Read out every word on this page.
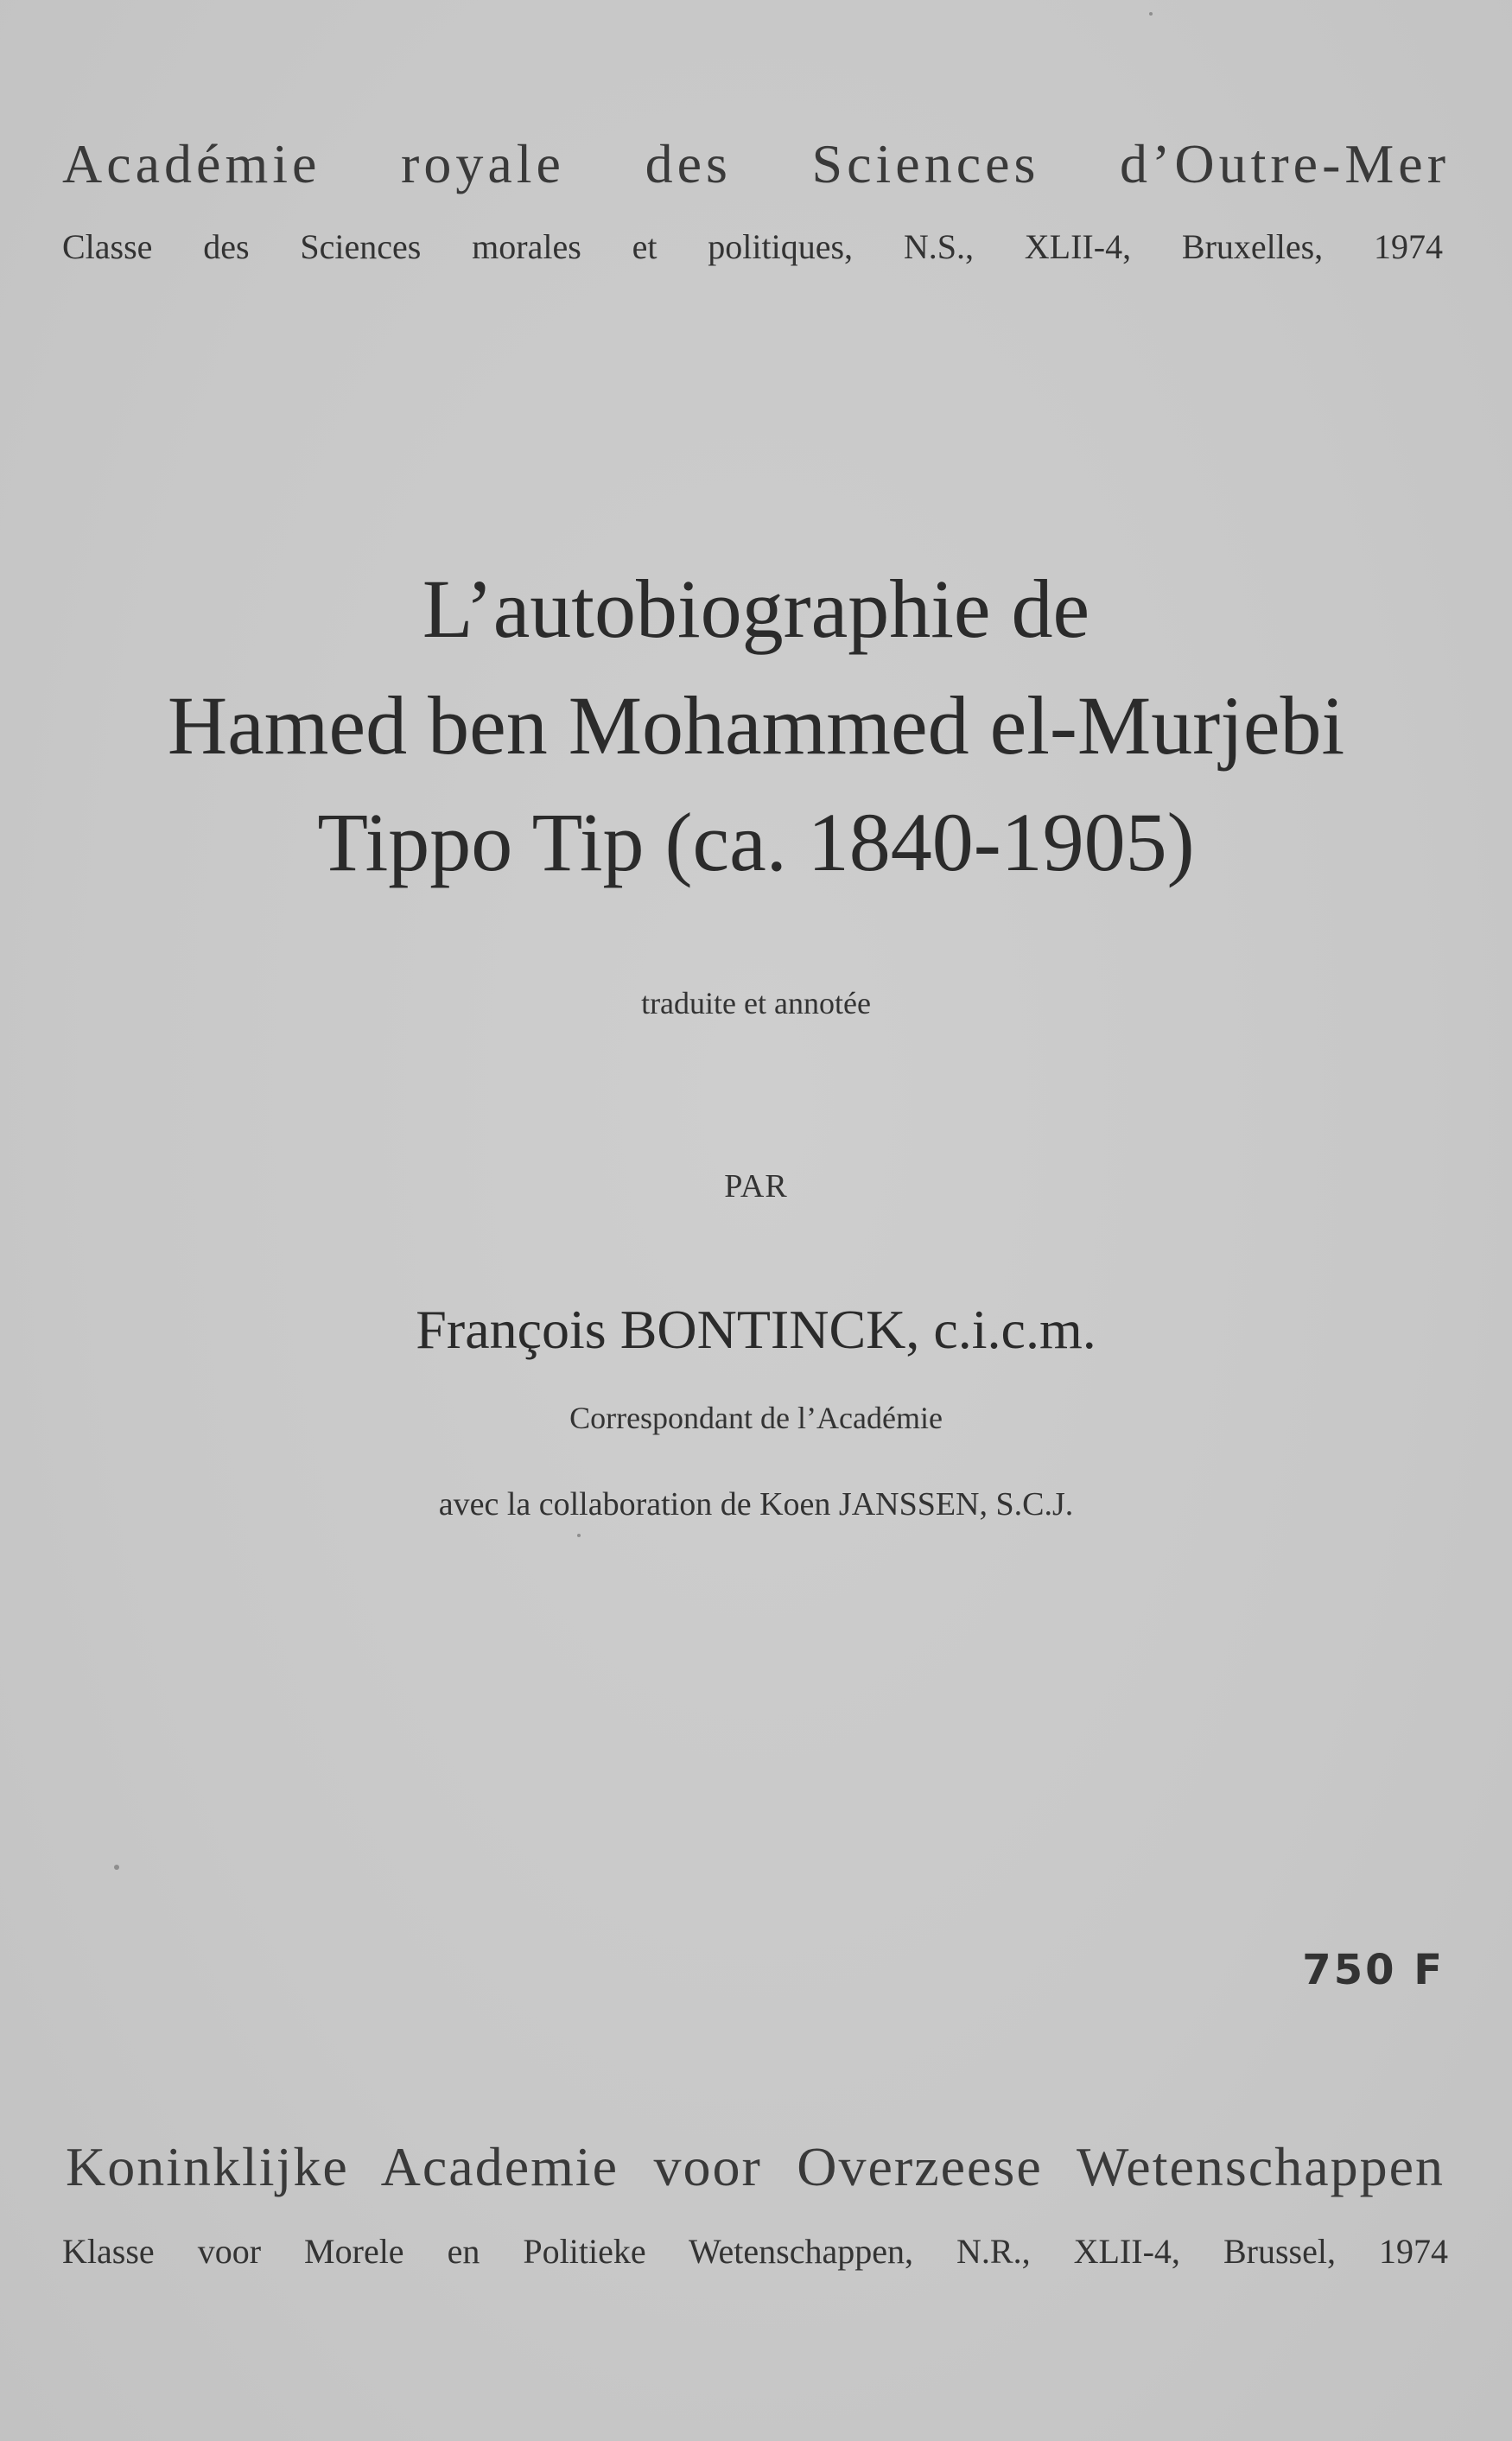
Académie royale des Sciences d’Outre-Mer
Classe des Sciences morales et politiques, N.S., XLII-4, Bruxelles, 1974
L’autobiographie de
Hamed ben Mohammed el-Murjebi
Tippo Tip (ca. 1840-1905)
traduite et annotée
PAR
François BONTINCK, c.i.c.m.
Correspondant de l’Académie
avec la collaboration de Koen JANSSEN, S.C.J.
750 F
Koninklijke Academie voor Overzeese Wetenschappen
Klasse voor Morele en Politieke Wetenschappen, N.R., XLII-4, Brussel, 1974
